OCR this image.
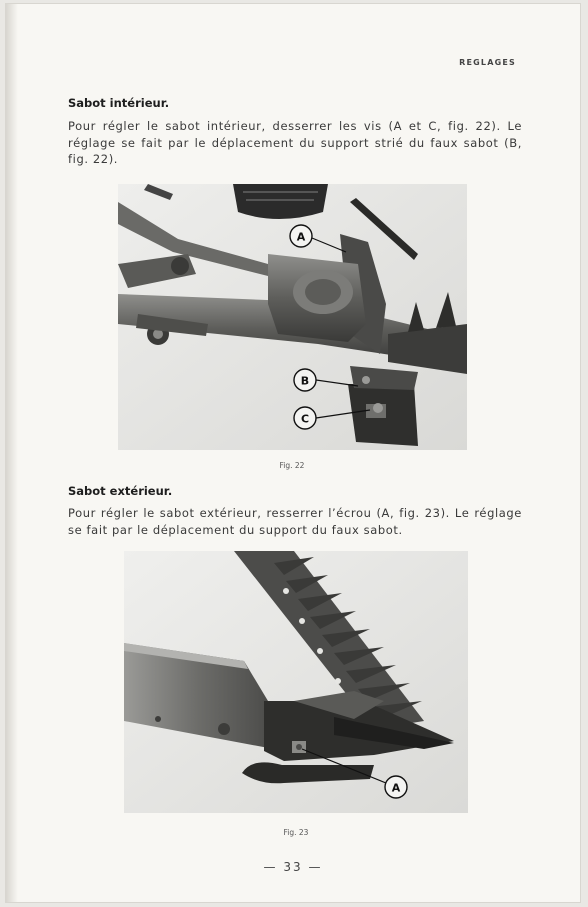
REGLAGES
Sabot intérieur.
Pour régler le sabot intérieur, desserrer les vis (A et C, fig. 22). Le réglage se fait par le déplacement du support strié du faux sabot (B, fig. 22).
A
B
C
Fig. 22
Sabot extérieur.
Pour régler le sabot extérieur, resserrer l’écrou (A, fig. 23). Le réglage se fait par le déplacement du support du faux sabot.
A
Fig. 23
— 33 —
